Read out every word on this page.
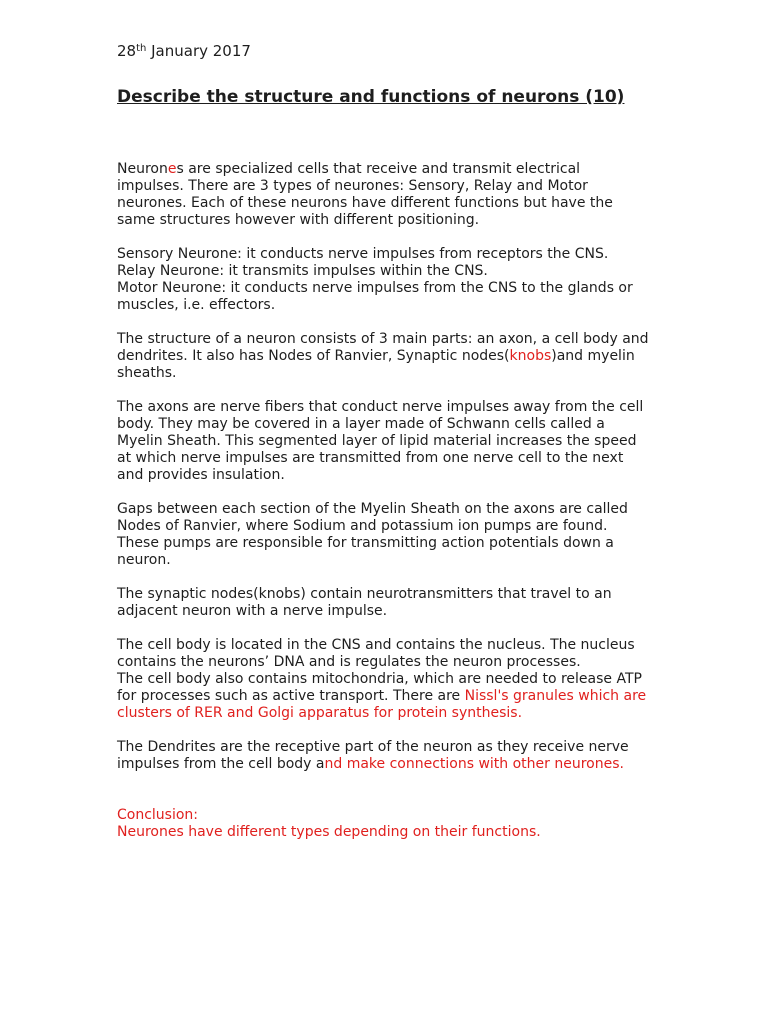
28th January 2017
Describe the structure and functions of neurons (10)

Neurones are specialized cells that receive and transmit electrical impulses. There are 3 types of neurones: Sensory, Relay and Motor neurones. Each of these neurons have different functions but have the same structures however with different positioning.

Sensory Neurone: it conducts nerve impulses from receptors the CNS.

Relay Neurone: it transmits impulses within the CNS.

Motor Neurone: it conducts nerve impulses from the CNS to the glands or muscles, i.e. effectors.

The structure of a neuron consists of 3 main parts: an axon, a cell body and dendrites. It also has Nodes of Ranvier, Synaptic nodes(knobs)and myelin sheaths.

The axons are nerve fibers that conduct nerve impulses away from the cell body. They may be covered in a layer made of Schwann cells called a Myelin Sheath. This segmented layer of lipid material increases the speed at which nerve impulses are transmitted from one nerve cell to the next and provides insulation.

Gaps between each section of the Myelin Sheath on the axons are called Nodes of Ranvier, where Sodium and potassium ion pumps are found. These pumps are responsible for transmitting action potentials down a neuron.

The synaptic nodes(knobs) contain neurotransmitters that travel to an adjacent neuron with a nerve impulse.

The cell body is located in the CNS and contains the nucleus. The nucleus contains the neurons’ DNA and is regulates the neuron processes.

The cell body also contains mitochondria, which are needed to release ATP for processes such as active transport. There are Nissl's granules which are clusters of RER and Golgi apparatus for protein synthesis.

The Dendrites are the receptive part of the neuron as they receive nerve impulses from the cell body and make connections with other neurones.

Conclusion:

Neurones have different types depending on their functions.
